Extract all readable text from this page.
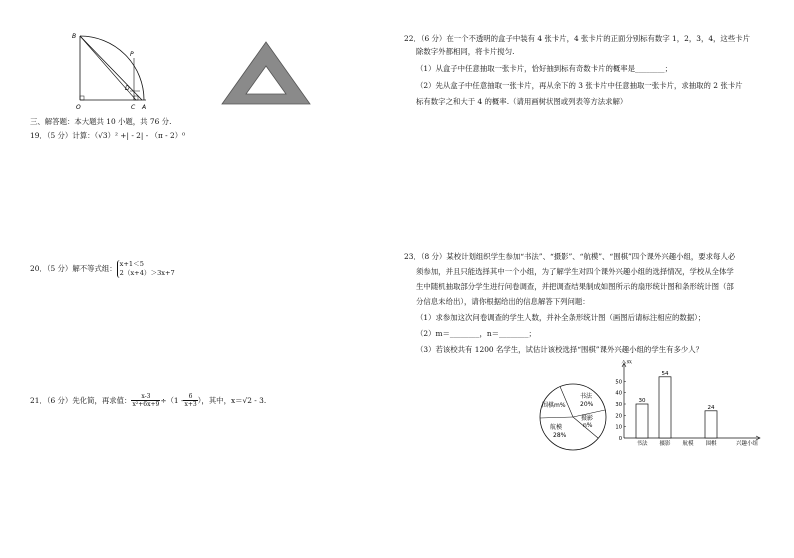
B
P
D
O	C A
三、解答题：本大题共 10 小题，共 76 分.
19．（5 分）计算：（√3）² +| - 2| - （π - 2）⁰
20．（5 分）解不等式组： x+1＜5
2（x+4）＞3x+7
21．（6 分）先化简，再求值： $\frac{x-3}{\text{x²+6x+9}} \div(1 - \frac{6}{x+3}$ ），其中，x＝√2 - 3.
22．（6 分）在一个不透明的盒子中装有 4 张卡片，4 张卡片的正面分别标有数字 1，2，3，4，这些卡片
除数字外都相同，将卡片搅匀.
（1）从盒子中任意抽取一张卡片，恰好抽到标有奇数卡片的概率是________；
（2）先从盒子中任意抽取一张卡片，再从余下的 3 张卡片中任意抽取一张卡片，求抽取的 2 张卡片
标有数字之和大于 4 的概率.（请用画树状图或列表等方法求解）
23．（8 分）某校计划组织学生参加“书法”、“摄影”、“航模”、“围棋”四个课外兴趣小组，要求每人必
须参加，并且只能选择其中一个小组，为了解学生对四个课外兴趣小组的选择情况，学校从全体学
生中随机抽取部分学生进行问卷调查，并把调查结果制成如图所示的扇形统计图和条形统计图（部
分信息未给出），请你根据给出的信息解答下列问题：
（1）求参加这次问卷调查的学生人数，并补全条形统计图（画图后请标注相应的数据）；
（2）m＝________，n＝________；
（3）若该校共有 1200 名学生，试估计该校选择“围棋”课外兴趣小组的学生有多少人？
围棋m%
书法
20%
摄影
n%
航模
28%
人数
兴趣小组
0
10
20
30
40
50
30
书法
54
摄影 航模
24
围棋
